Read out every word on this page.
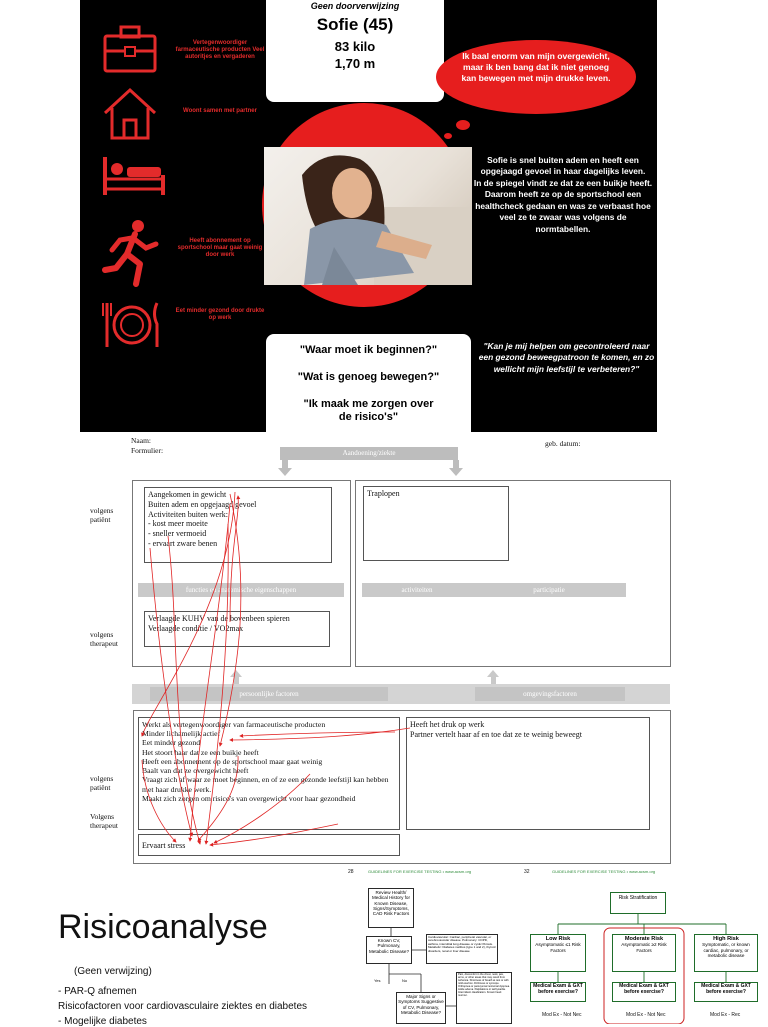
Vertegenwoordiger farmaceutische producten Veel autoritjes en vergaderen
Woont samen met partner
Heeft abonnement op sportschool maar gaat weinig door werk
Eet minder gezond door drukte op werk
Geen doorverwijzing
Sofie (45)
83 kilo
1,70 m	Ik baal enorm van mijn overgewicht, maar ik ben bang dat ik niet genoeg kan bewegen met mijn drukke leven.
Sofie is snel buiten adem en heeft een opgejaagd gevoel in haar dagelijks leven.
In de spiegel vindt ze dat ze een buikje heeft.
Daarom heeft ze op de sportschool een healthcheck gedaan en was ze verbaast hoe veel ze te zwaar was volgens de normtabellen.
"Waar moet ik beginnen?"
"Wat is genoeg bewegen?"
"Ik maak me zorgen over de risico's"
"Kan je mij helpen om gecontroleerd naar een gezond beweegpatroon te komen, en zo wellicht mijn leefstijl te verbeteren?"
Naam:
Formulier:
geb. datum:
Aandoening/ziekte
volgens patiënt
volgens therapeut
Aangekomen in gewicht
Buiten adem en opgejaagd gevoel
Activiteiten buiten werk:
- kost meer moeite
- sneller vermoeid
- ervaart zware benen
functies en anatomische eigenschappen
Verlaagde KUHV van de bovenbeen spieren
Verlaagde conditie / VO2max
Traplopen
activiteiten	participatie
persoonlijke factoren	omgevingsfactoren
volgens patiënt
Volgens therapeut
Werkt als vertegenwoordiger van farmaceutische producten
Minder lichamelijk actief
Eet minder gezond
Het stoort haar dat ze een buikje heeft
Heeft een abonnement op de sportschool maar gaat weinig
Baalt van dat ze overgewicht heeft
Vraagt zich af waar ze moet beginnen, en of ze een gezonde leefstijl kan hebben met haar drukke werk.
Maakt zich zorgen om risico's van overgewicht voor haar gezondheid
Heeft het druk op werk
Partner vertelt haar af en toe dat ze te weinig beweegt
Ervaart stress
Risicoanalyse
(Geen verwijzing)
- PAR-Q afnemen
Risicofactoren voor cardiovasculaire ziektes en diabetes
- Mogelijke diabetes
28	GUIDELINES FOR EXERCISE TESTING • www.acsm.org	32	GUIDELINES FOR EXERCISE TESTING • www.acsm.org
Review Health/ Medical History for Known Disease, Signs/Symptoms, CAD Risk Factors
Known CV, Pulmonary, Metabolic Disease?
Cardiovascular: Cardiac, peripheral vascular, or cerebrovascular disease. Pulmonary: COPD, asthma, interstitial lung disease or cystic fibrosis. Metabolic: Diabetes mellitus (type 1 and 2), thyroid disorders, renal or liver disease
Yes	No
Major Signs or Symptoms Suggestive of CV, Pulmonary, Metabolic Disease?
Pain, discomfort in the chest, neck, jaw, arms, or other areas that may result from ischemia. Shortness of breath at rest or with mild exertion. Dizziness or syncope. Orthopnea or paroxysmal nocturnal dyspnea. Ankle edema. Palpitations or tachycardia. Intermittent claudication. Known heart murmur.
Risk Stratification
Low Risk
Asymptomatic ≤1 Risk Factors
Moderate Risk
Asymptomatic ≥2 Risk Factors
High Risk
Symptomatic, or known cardiac, pulmonary, or metabolic disease
Medical Exam & GXT before exercise?
Medical Exam & GXT before exercise?
Medical Exam & GXT before exercise?
Mod Ex - Not Nec	Mod Ex - Not Nec	Mod Ex - Rec
